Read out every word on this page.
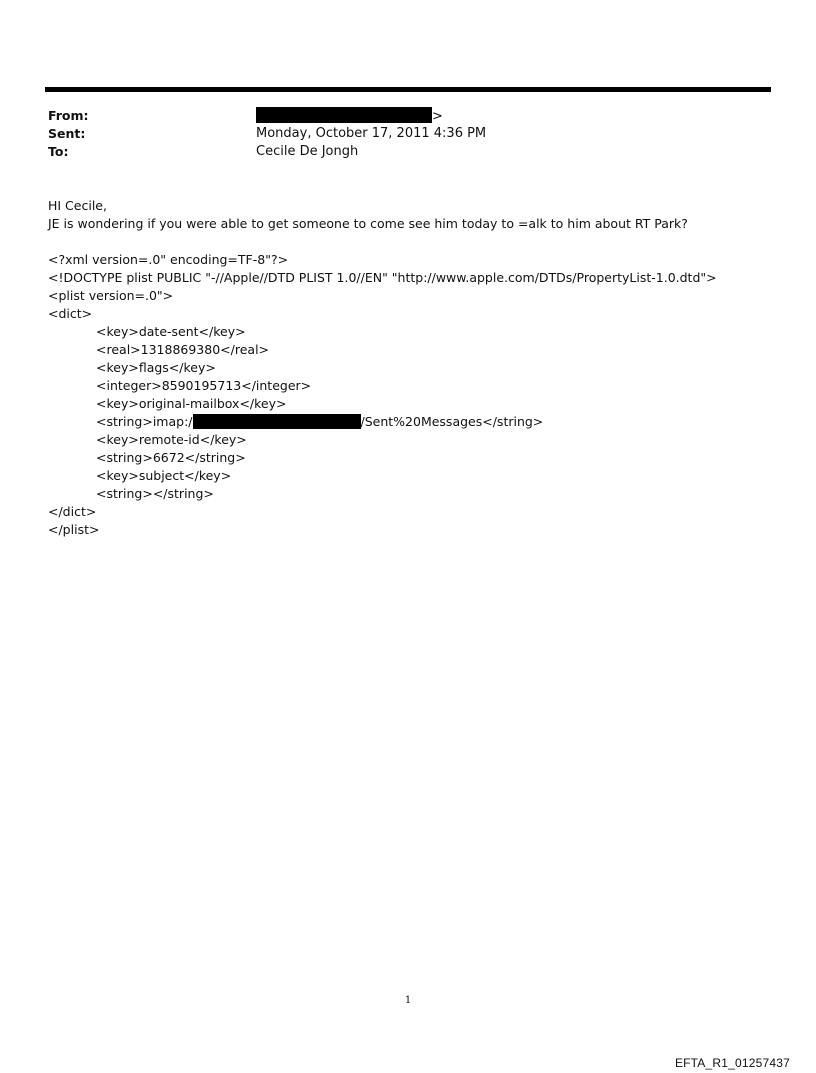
From:	>
Sent:	Monday, October 17, 2011 4:36 PM
To:	Cecile De Jongh
HI Cecile,
JE is wondering if you were able to get someone to come see him today to =alk to him about RT Park?
<?xml version=.0" encoding=TF-8"?>
<!DOCTYPE plist PUBLIC "-//Apple//DTD PLIST 1.0//EN" "http://www.apple.com/DTDs/PropertyList-1.0.dtd">
<plist version=.0">
<dict>
<key>date-sent</key>
<real>1318869380</real>
<key>flags</key>
<integer>8590195713</integer>
<key>original-mailbox</key>
<string>imap:/	/Sent%20Messages</string>
<key>remote-id</key>
<string>6672</string>
<key>subject</key>
<string></string>
</dict>
</plist>
1
EFTA_R1_01257437
